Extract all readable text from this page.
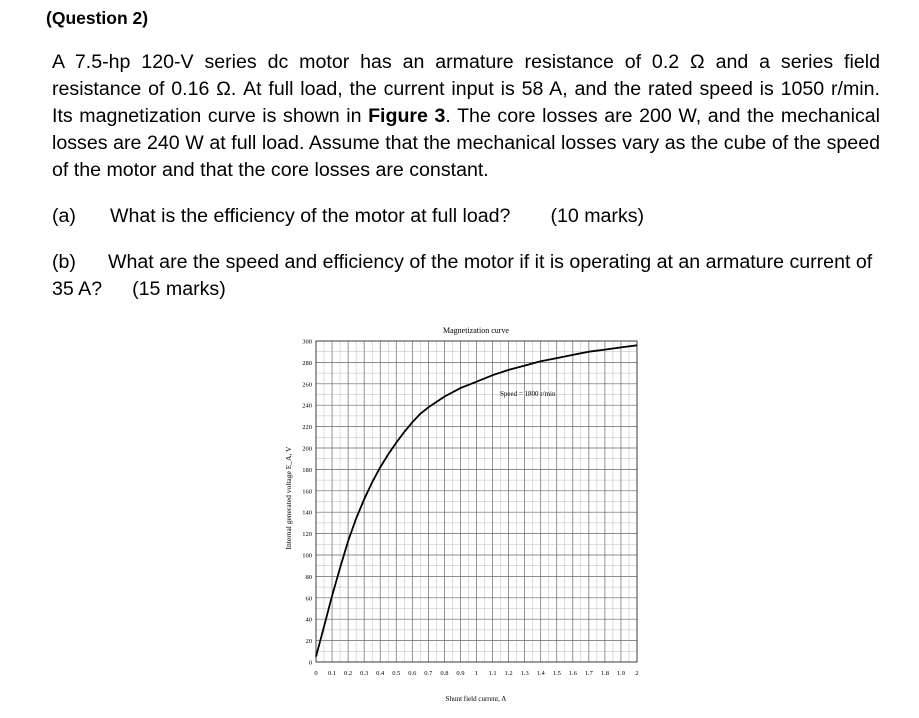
(Question 2)
A 7.5-hp 120-V series dc motor has an armature resistance of 0.2 Ω and a series field resistance of 0.16 Ω. At full load, the current input is 58 A, and the rated speed is 1050 r/min. Its magnetization curve is shown in Figure 3. The core losses are 200 W, and the mechanical losses are 240 W at full load. Assume that the mechanical losses vary as the cube of the speed of the motor and that the core losses are constant.
(a) What is the efficiency of the motor at full load? (10 marks)
(b) What are the speed and efficiency of the motor if it is operating at an armature current of 35 A? (15 marks)
Magnetization curve
0 0.1 0.2 0.3 0.4 0.5 0.6 0.7 0.8 0.9 1 1.1 1.2 1.3 1.4 1.5 1.6 1.7 1.8 1.9 2
0
20
40
60
80
100
120
140
160
180
200
220
240
260
280
300
Speed = 1800 r/min
Shunt field current, A
Internal generated voltage E_A, V
